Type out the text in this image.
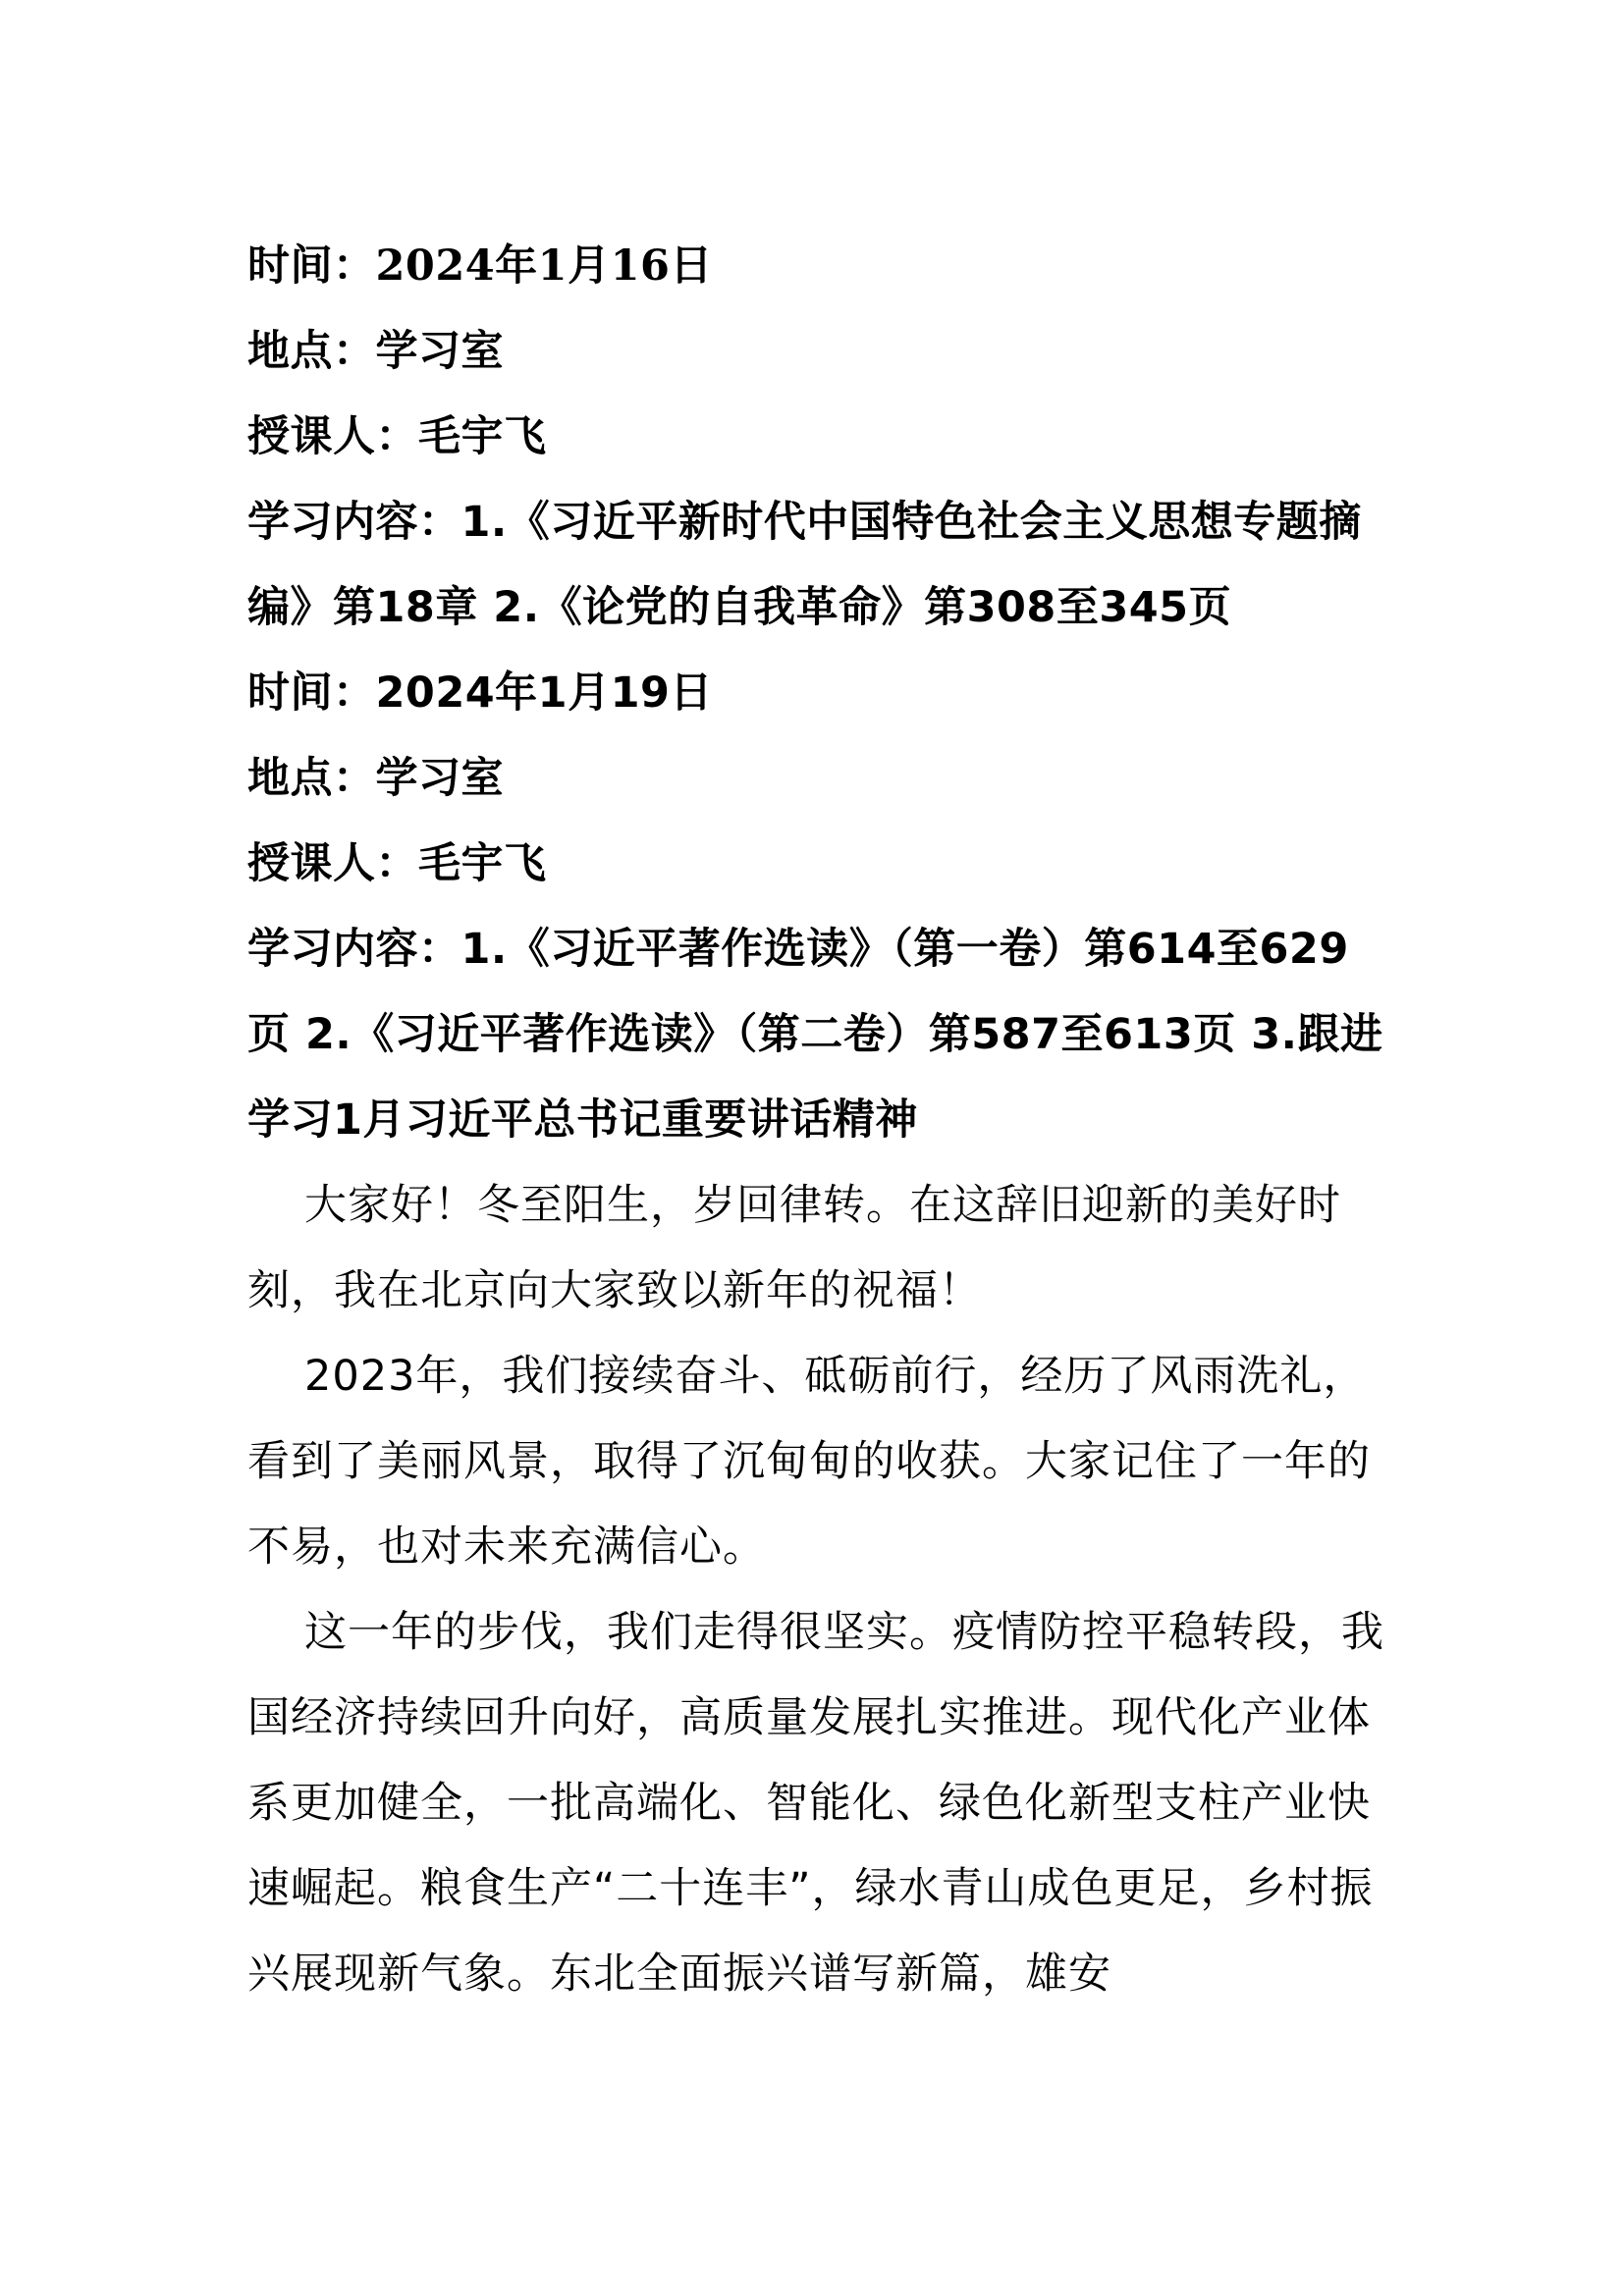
时间：2024年1月16日
地点：学习室
授课人：毛宇飞
学习内容：1.《习近平新时代中国特色社会主义思想专题摘编》第18章 2.《论党的自我革命》第308至345页
时间：2024年1月19日
地点：学习室
授课人：毛宇飞
学习内容：1.《习近平著作选读》（第一卷）第614至629页 2.《习近平著作选读》（第二卷）第587至613页 3.跟进学习1月习近平总书记重要讲话精神

大家好！冬至阳生，岁回律转。在这辞旧迎新的美好时刻，我在北京向大家致以新年的祝福！

2023年，我们接续奋斗、砥砺前行，经历了风雨洗礼，看到了美丽风景，取得了沉甸甸的收获。大家记住了一年的不易，也对未来充满信心。

这一年的步伐，我们走得很坚实。疫情防控平稳转段，我国经济持续回升向好，高质量发展扎实推进。现代化产业体系更加健全，一批高端化、智能化、绿色化新型支柱产业快速崛起。粮食生产“二十连丰”，绿水青山成色更足，乡村振兴展现新气象。东北全面振兴谱写新篇，雄安
